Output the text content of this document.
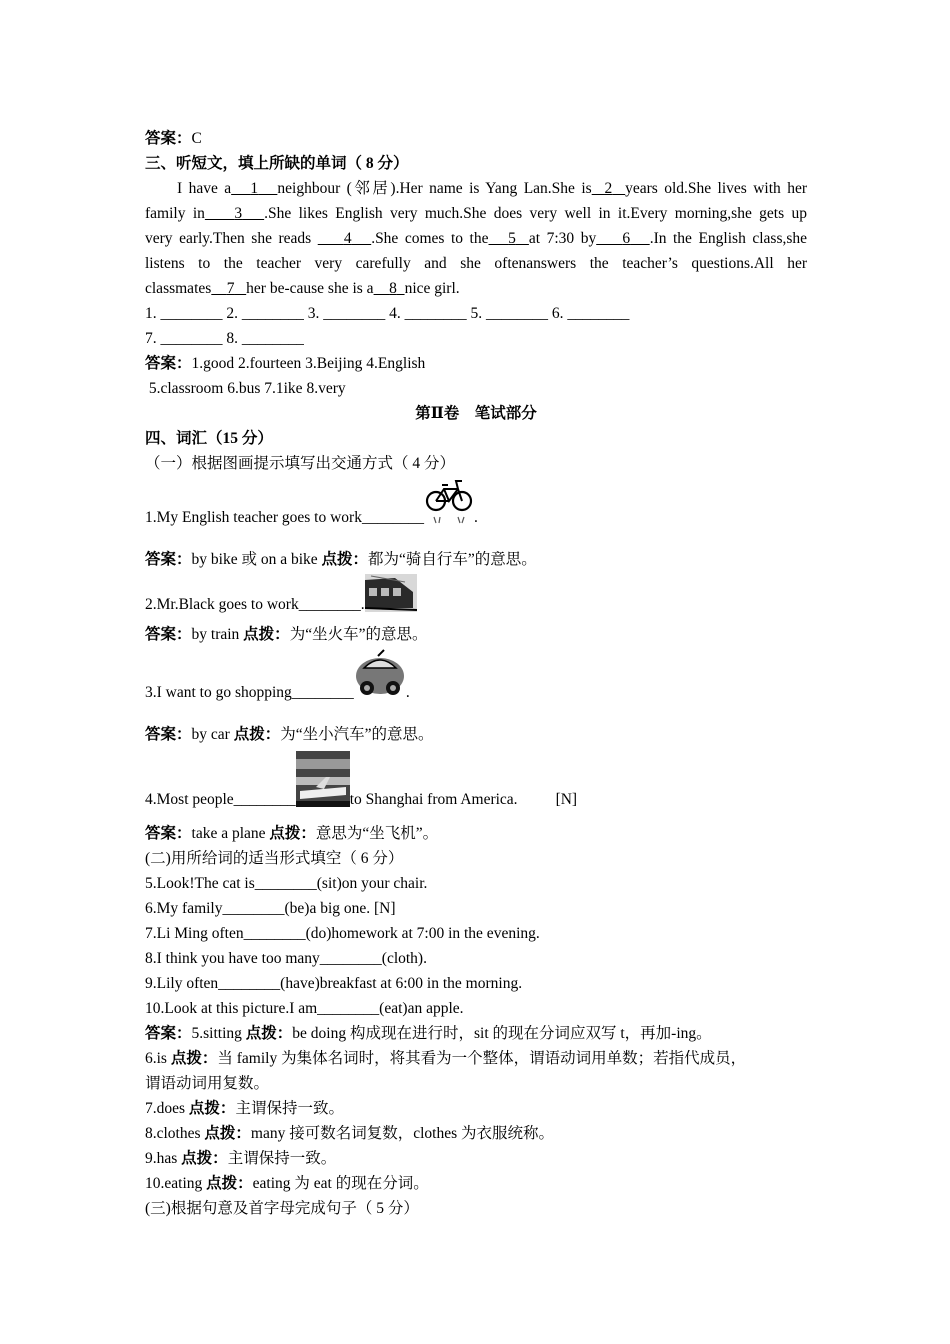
答案：C
三、听短文，填上所缺的单词（ 8 分）
I have a 1 neighbour (邻居).Her name is Yang Lan.She is 2 years old.She lives with her
family in 3 .She likes English very much.She does very well in it.Every morning,she gets up
very early.Then she reads 4 .She comes to the 5 at 7:30 by 6 .In the English class,she
listens to the teacher very carefully and she oftenanswers the teacher’s questions.All her
classmates 7 her be-cause she is a 8 nice girl.
1. ________ 2. ________ 3. ________ 4. ________ 5. ________ 6. ________
7. ________ 8. ________
答案：1.good 2.fourteen 3.Beijing 4.English
5.classroom 6.bus 7.1ike 8.very
第Ⅱ卷　笔试部分
四、词汇（15 分）
（一）根据图画提示填写出交通方式（ 4 分）
1.My English teacher goes to work________	.
答案：by bike 或 on a bike 点拨：都为“骑自行车”的意思。
2.Mr.Black goes to work________.
答案：by train 点拨：为“坐火车”的意思。
3.I want to go shopping________	.
答案：by car 点拨：为“坐小汽车”的意思。
4.Most people________	to Shanghai from America. [N]
答案：take a plane 点拨：意思为“坐飞机”。
(二)用所给词的适当形式填空（ 6 分）
5.Look!The cat is________(sit)on your chair.
6.My family________(be)a big one. [N]
7.Li Ming often________(do)homework at 7:00 in the evening.
8.I think you have too many________(cloth).
9.Lily often________(have)breakfast at 6:00 in the morning.
10.Look at this picture.I am________(eat)an apple.
答案：5.sitting 点拨：be doing 构成现在进行时，sit 的现在分词应双写 t，再加-ing。
6.is 点拨：当 family 为集体名词时，将其看为一个整体，谓语动词用单数；若指代成员，
谓语动词用复数。
7.does 点拨：主谓保持一致。
8.clothes 点拨：many 接可数名词复数，clothes 为衣服统称。
9.has 点拨：主谓保持一致。
10.eating 点拨：eating 为 eat 的现在分词。
(三)根据句意及首字母完成句子（ 5 分）
